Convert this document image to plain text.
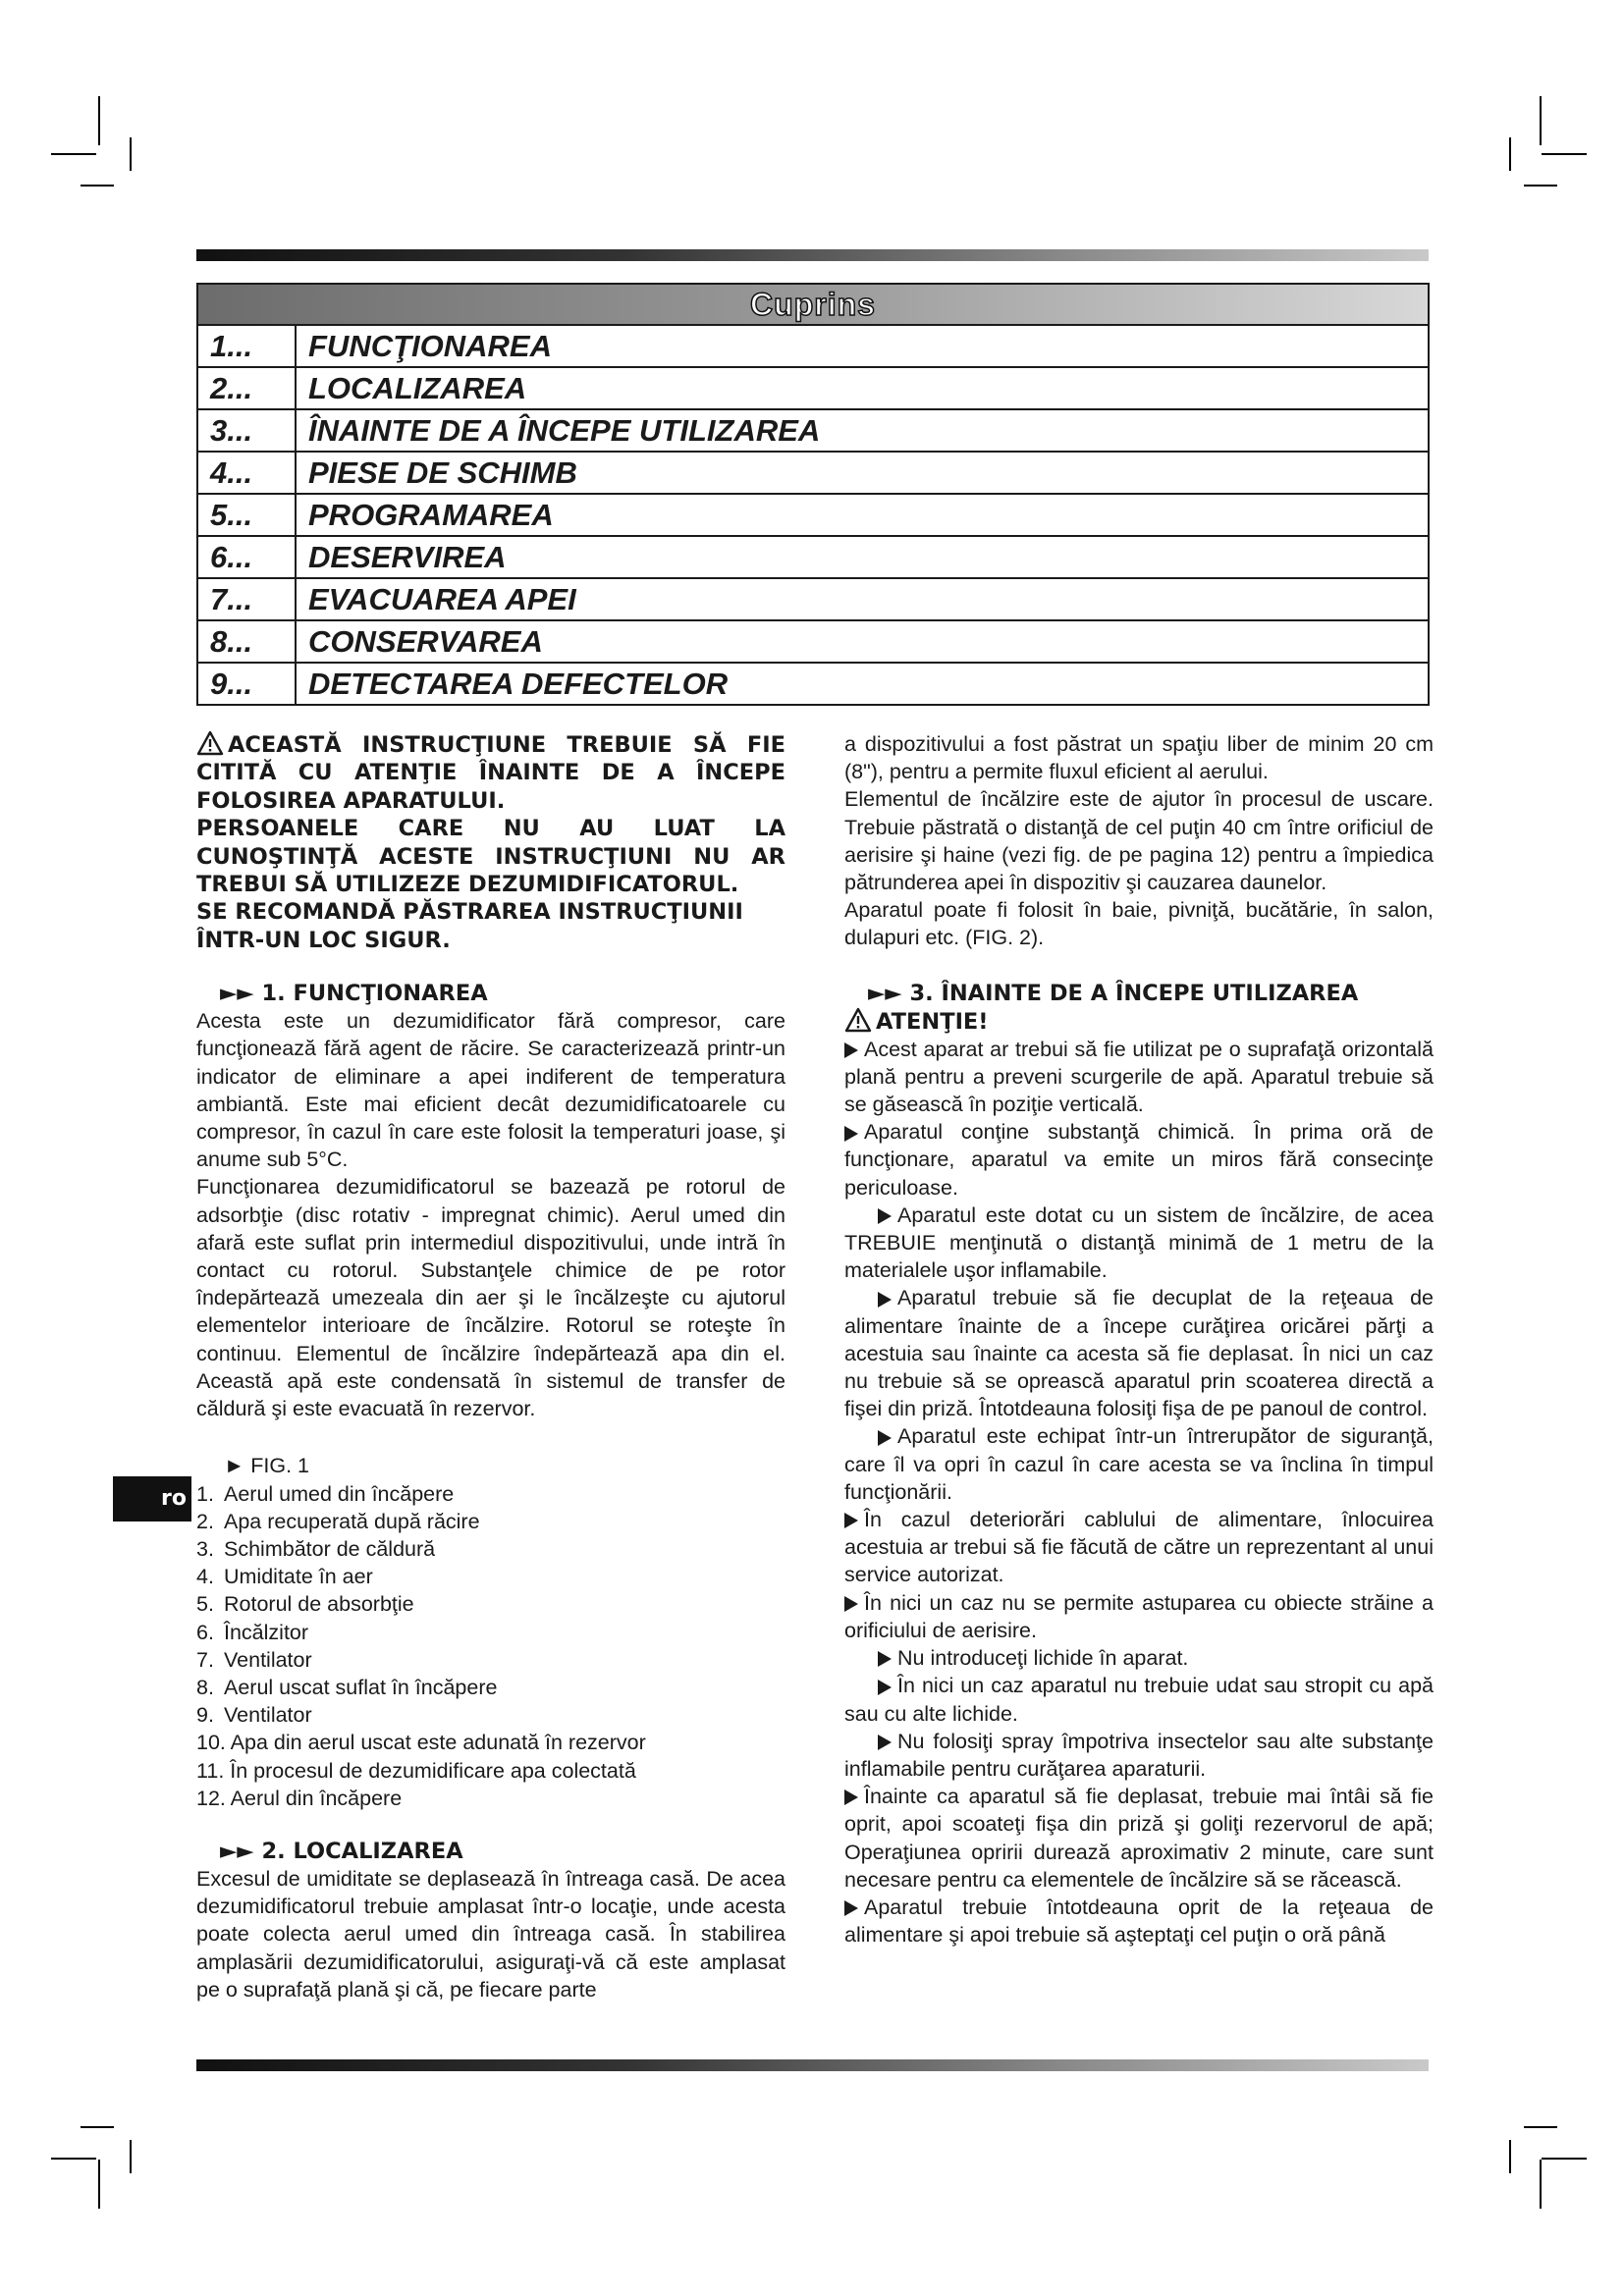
Cuprins
1...	FUNCŢIONAREA
2...	LOCALIZAREA
3...	ÎNAINTE DE A ÎNCEPE UTILIZAREA
4...	PIESE DE SCHIMB
5...	PROGRAMAREA
6...	DESERVIREA
7...	EVACUAREA APEI
8...	CONSERVAREA
9...	DETECTAREA DEFECTELOR
ACEASTĂ INSTRUCŢIUNE TREBUIE SĂ FIE
CITITĂ CU ATENŢIE ÎNAINTE DE A ÎNCEPE
FOLOSIREA APARATULUI.
PERSOANELE CARE NU AU LUAT LA
CUNOŞTINŢĂ ACESTE INSTRUCŢIUNI NU AR
TREBUI SĂ UTILIZEZE DEZUMIDIFICATORUL.
SE RECOMANDĂ PĂSTRAREA INSTRUCŢIUNII
ÎNTR-UN LOC SIGUR.
►► 1. FUNCŢIONAREA

Acesta este un dezumidificator fără compresor, care funcţionează fără agent de răcire. Se caracterizează printr-un indicator de eliminare a apei indiferent de temperatura ambiantă. Este mai eficient decât dezumidificatoarele cu compresor, în cazul în care este folosit la temperaturi joase, şi anume sub 5°C.

Funcţionarea dezumidificatorul se bazează pe rotorul de adsorbţie (disc rotativ - impregnat chimic). Aerul umed din afară este suflat prin intermediul dispozitivului, unde intră în contact cu rotorul. Substanţele chimice de pe rotor îndepărtează umezeala din aer şi le încălzeşte cu ajutorul elementelor interioare de încălzire. Rotorul se roteşte în continuu. Elementul de încălzire îndepărtează apa din el. Această apă este condensată în sistemul de transfer de căldură şi este evacuată în rezervor.

► FIG. 1
1. Aerul umed din încăpere
2. Apa recuperată după răcire
3. Schimbător de căldură
4. Umiditate în aer
5. Rotorul de absorbţie
6. Încălzitor
7. Ventilator
8. Aerul uscat suflat în încăpere
9. Ventilator
10. Apa din aerul uscat este adunată în rezervor
11. În procesul de dezumidificare apa colectată
12. Aerul din încăpere
►► 2. LOCALIZAREA

Excesul de umiditate se deplasează în întreaga casă. De acea dezumidificatorul trebuie amplasat într-o locaţie, unde acesta poate colecta aerul umed din întreaga casă. În stabilirea amplasării dezumidificatorului, asiguraţi-vă că este amplasat pe o suprafaţă plană şi că, pe fiecare parte

ro

a dispozitivului a fost păstrat un spaţiu liber de minim 20 cm (8"), pentru a permite fluxul eficient al aerului.

Elementul de încălzire este de ajutor în procesul de uscare. Trebuie păstrată o distanţă de cel puţin 40 cm între orificiul de aerisire şi haine (vezi fig. de pe pagina 12) pentru a împiedica pătrunderea apei în dispozitiv şi cauzarea daunelor.

Aparatul poate fi folosit în baie, pivniţă, bucătărie, în salon, dulapuri etc. (FIG. 2).

►► 3. ÎNAINTE DE A ÎNCEPE UTILIZAREA
ATENŢIE!

Acest aparat ar trebui să fie utilizat pe o suprafaţă orizontală plană pentru a preveni scurgerile de apă. Aparatul trebuie să se găsească în poziţie verticală.

Aparatul conţine substanţă chimică. În prima oră de funcţionare, aparatul va emite un miros fără consecinţe periculoase.

Aparatul este dotat cu un sistem de încălzire, de acea TREBUIE menţinută o distanţă minimă de 1 metru de la materialele uşor inflamabile.

Aparatul trebuie să fie decuplat de la reţeaua de alimentare înainte de a începe curăţirea oricărei părţi a acestuia sau înainte ca acesta să fie deplasat. În nici un caz nu trebuie să se oprească aparatul prin scoaterea directă a fişei din priză. Întotdeauna folosiţi fişa de pe panoul de control.

Aparatul este echipat într-un întrerupător de siguranţă, care îl va opri în cazul în care acesta se va înclina în timpul funcţionării.

În cazul deteriorări cablului de alimentare, înlocuirea acestuia ar trebui să fie făcută de către un reprezentant al unui service autorizat.

În nici un caz nu se permite astuparea cu obiecte străine a orificiului de aerisire.

Nu introduceţi lichide în aparat.

În nici un caz aparatul nu trebuie udat sau stropit cu apă sau cu alte lichide.

Nu folosiţi spray împotriva insectelor sau alte substanţe inflamabile pentru curăţarea aparaturii.

Înainte ca aparatul să fie deplasat, trebuie mai întâi să fie oprit, apoi scoateţi fişa din priză şi goliţi rezervorul de apă; Operaţiunea opririi durează aproximativ 2 minute, care sunt necesare pentru ca elementele de încălzire să se răcească.

Aparatul trebuie întotdeauna oprit de la reţeaua de alimentare şi apoi trebuie să aşteptaţi cel puţin o oră până
